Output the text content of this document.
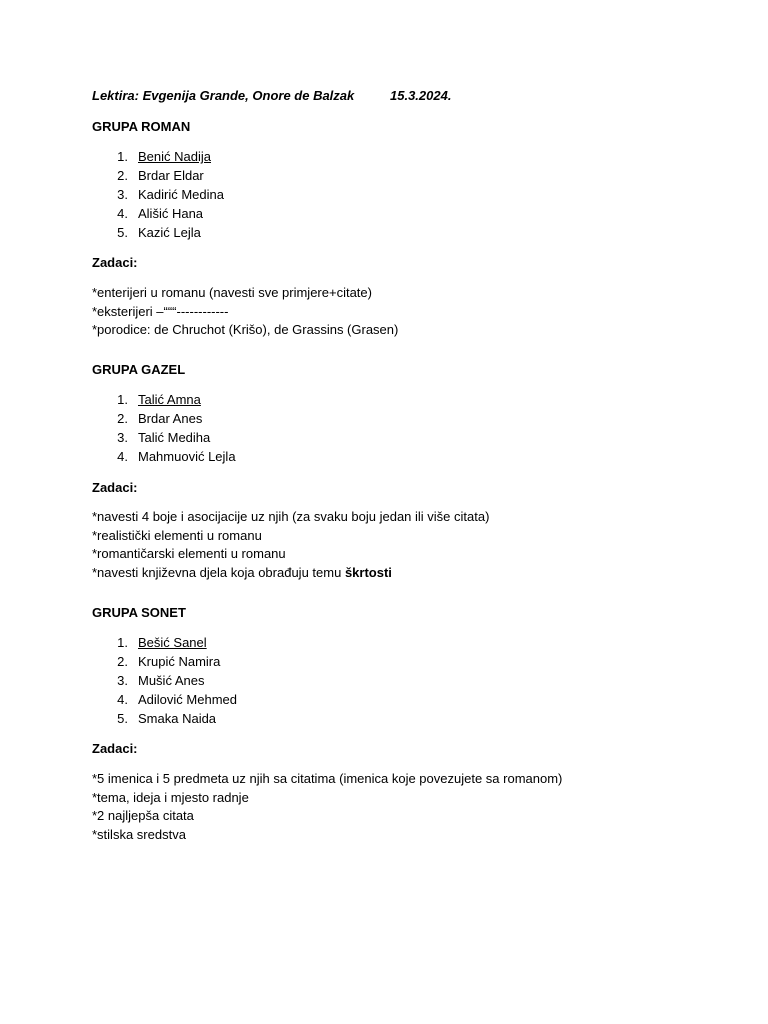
Lektira: Evgenija Grande, Onore de Balzak	15.3.2024.
GRUPA ROMAN
1. Benić Nadija
2. Brdar Eldar
3. Kadirić Medina
4. Ališić Hana
5. Kazić Lejla
Zadaci:
*enterijeri u romanu (navesti sve primjere+citate)
*eksterijeri –“““------------
*porodice: de Chruchot (Krišo), de Grassins (Grasen)
GRUPA GAZEL
1. Talić Amna
2. Brdar Anes
3. Talić Mediha
4. Mahmuović Lejla
Zadaci:
*navesti 4 boje i asocijacije uz njih (za svaku boju jedan ili više citata)
*realistički elementi u romanu
*romantičarski elementi u romanu
*navesti književna djela koja obrađuju temu škrtosti
GRUPA SONET
1. Bešić Sanel
2. Krupić Namira
3. Mušić Anes
4. Adilović Mehmed
5. Smaka Naida
Zadaci:
*5 imenica i 5 predmeta uz njih sa citatima (imenica koje povezujete sa romanom)
*tema, ideja i mjesto radnje
*2 najljepša citata
*stilska sredstva
